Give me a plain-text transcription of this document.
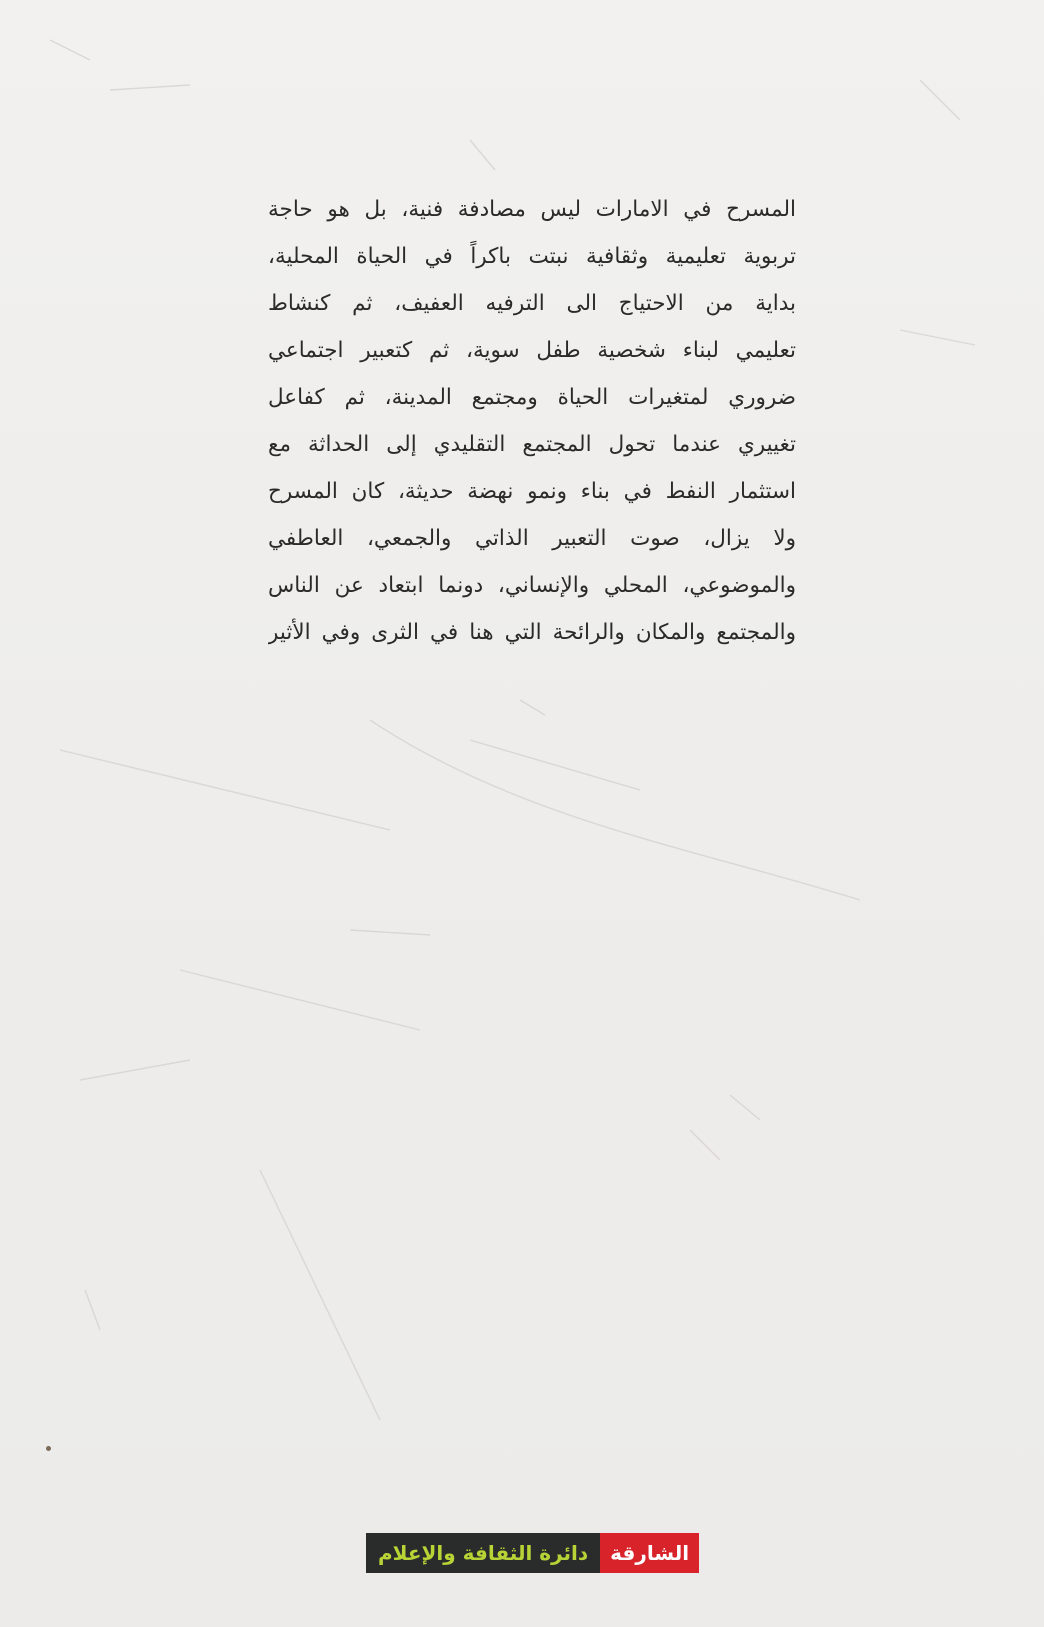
المسرح في الامارات ليس مصادفة فنية، بل هو حاجة
تربوية تعليمية وثقافية نبتت باكراً في الحياة المحلية،
بداية من الاحتياج الى الترفيه العفيف، ثم كنشاط
تعليمي لبناء شخصية طفل سوية، ثم كتعبير اجتماعي
ضروري لمتغيرات الحياة ومجتمع المدينة، ثم كفاعل
تغييري عندما تحول المجتمع التقليدي إلى الحداثة مع
استثمار النفط في بناء ونمو نهضة حديثة، كان المسرح
ولا يزال، صوت التعبير الذاتي والجمعي، العاطفي
والموضوعي، المحلي والإنساني، دونما ابتعاد عن الناس
والمجتمع والمكان والرائحة التي هنا في الثرى وفي الأثير
الشارقة
دائرة الثقافة والإعلام
